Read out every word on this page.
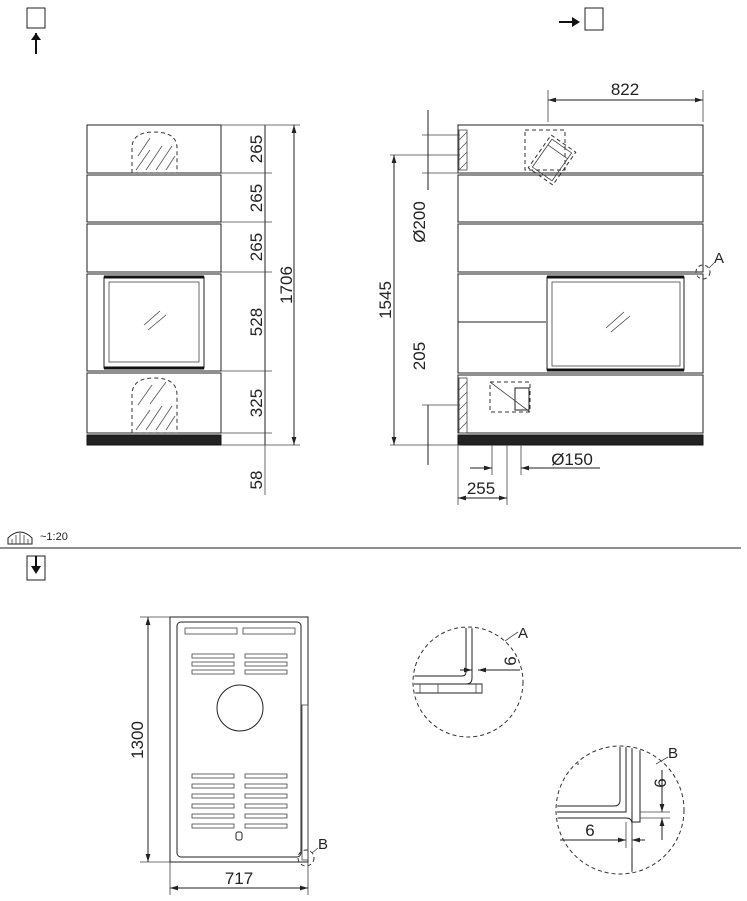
265
265
265
528
325
58
1706
822
1545
Ø200
205
Ø150
255
A
~1:20
1300
717
B
6
A
6
6
B
